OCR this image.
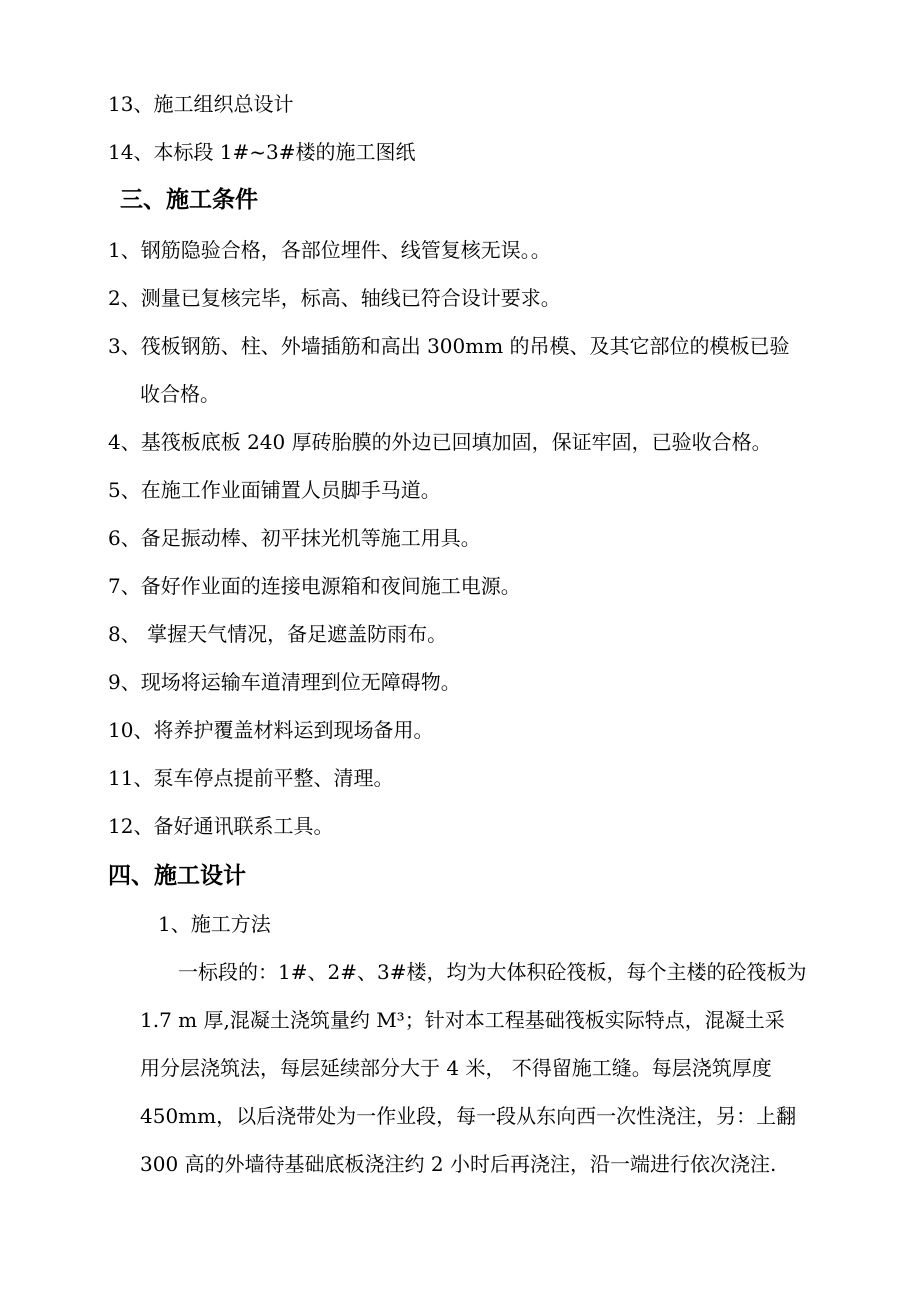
13、施工组织总设计
14、本标段 1#~3#楼的施工图纸
三、施工条件
1、钢筋隐验合格，各部位埋件、线管复核无误。。
2、测量已复核完毕，标高、轴线已符合设计要求。
3、筏板钢筋、柱、外墙插筋和高出 300mm 的吊模、及其它部位的模板已验
收合格。
4、基筏板底板 240 厚砖胎膜的外边已回填加固，保证牢固，已验收合格。
5、在施工作业面铺置人员脚手马道。
6、备足振动棒、初平抹光机等施工用具。
7、备好作业面的连接电源箱和夜间施工电源。
8、 掌握天气情况，备足遮盖防雨布。
9、现场将运输车道清理到位无障碍物。
10、将养护覆盖材料运到现场备用。
11、泵车停点提前平整、清理。
12、备好通讯联系工具。
四、施工设计
1、施工方法
一标段的：1#、2#、3#楼，均为大体积砼筏板，每个主楼的砼筏板为
1.7 m 厚,混凝土浇筑量约 M³；针对本工程基础筏板实际特点，混凝土采
用分层浇筑法，每层延续部分大于 4 米， 不得留施工缝。每层浇筑厚度
450mm，以后浇带处为一作业段，每一段从东向西一次性浇注，另：上翻
300 高的外墙待基础底板浇注约 2 小时后再浇注，沿一端进行依次浇注.
